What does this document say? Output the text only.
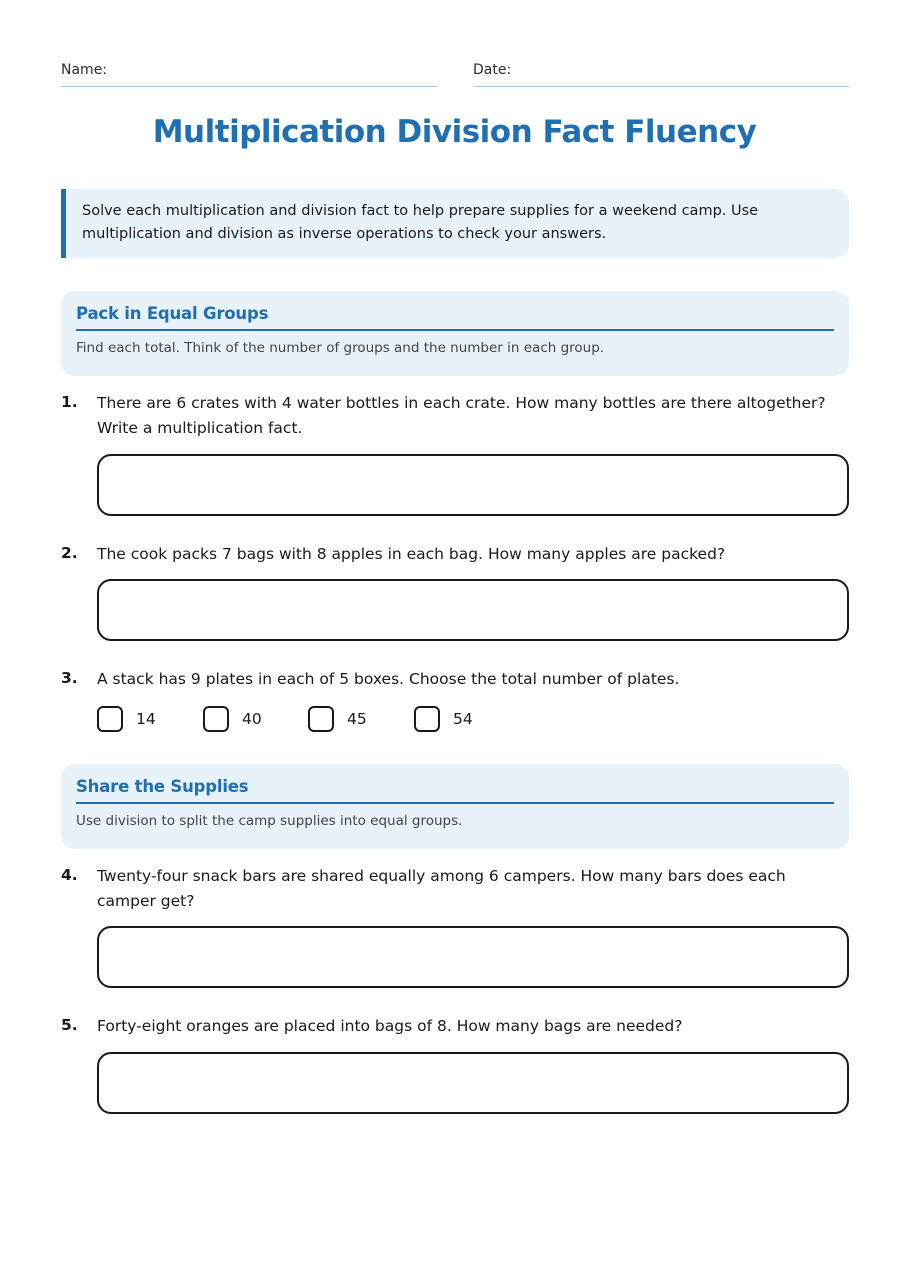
Name:	Date:
Multiplication Division Fact Fluency
Solve each multiplication and division fact to help prepare supplies for a weekend camp. Use multiplication and division as inverse operations to check your answers.
Pack in Equal Groups

Find each total. Think of the number of groups and the number in each group.

1. There are 6 crates with 4 water bottles in each crate. How many bottles are there altogether? Write a multiplication fact.
2. The cook packs 7 bags with 8 apples in each bag. How many apples are packed?
3. A stack has 9 plates in each of 5 boxes. Choose the total number of plates.
14	40	45	54
Share the Supplies

Use division to split the camp supplies into equal groups.

4. Twenty-four snack bars are shared equally among 6 campers. How many bars does each camper get?
5. Forty-eight oranges are placed into bags of 8. How many bags are needed?
